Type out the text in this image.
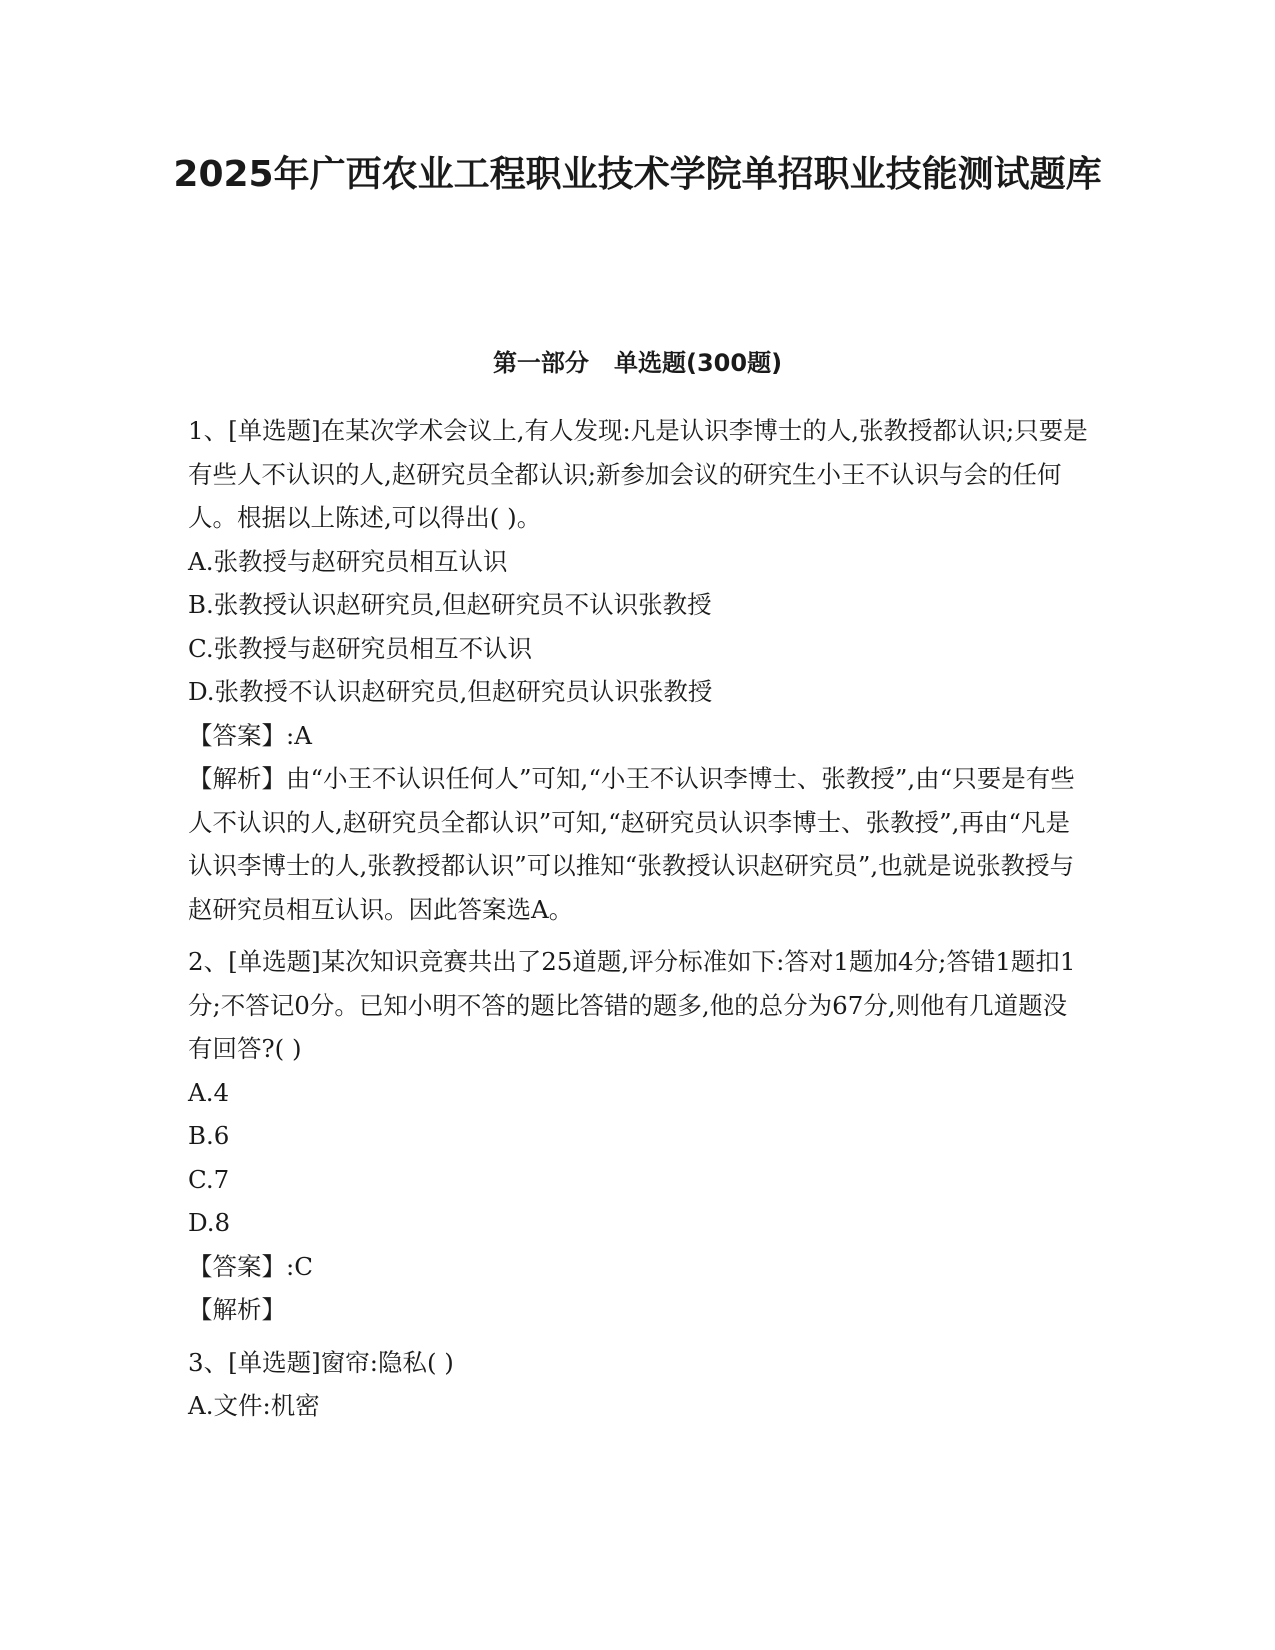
2025年广西农业工程职业技术学院单招职业技能测试题库
第一部分   单选题(300题)

1、[单选题]在某次学术会议上,有人发现:凡是认识李博士的人,张教授都认识;只要是有些人不认识的人,赵研究员全都认识;新参加会议的研究生小王不认识与会的任何人。根据以上陈述,可以得出( )。

A.张教授与赵研究员相互认识

B.张教授认识赵研究员,但赵研究员不认识张教授

C.张教授与赵研究员相互不认识

D.张教授不认识赵研究员,但赵研究员认识张教授

【答案】:A

【解析】由“小王不认识任何人”可知,“小王不认识李博士、张教授”,由“只要是有些人不认识的人,赵研究员全都认识”可知,“赵研究员认识李博士、张教授”,再由“凡是认识李博士的人,张教授都认识”可以推知“张教授认识赵研究员”,也就是说张教授与赵研究员相互认识。因此答案选A。

2、[单选题]某次知识竞赛共出了25道题,评分标准如下:答对1题加4分;答错1题扣1分;不答记0分。已知小明不答的题比答错的题多,他的总分为67分,则他有几道题没有回答?( )

A.4

B.6

C.7

D.8

【答案】:C

【解析】

3、[单选题]窗帘:隐私( )

A.文件:机密
